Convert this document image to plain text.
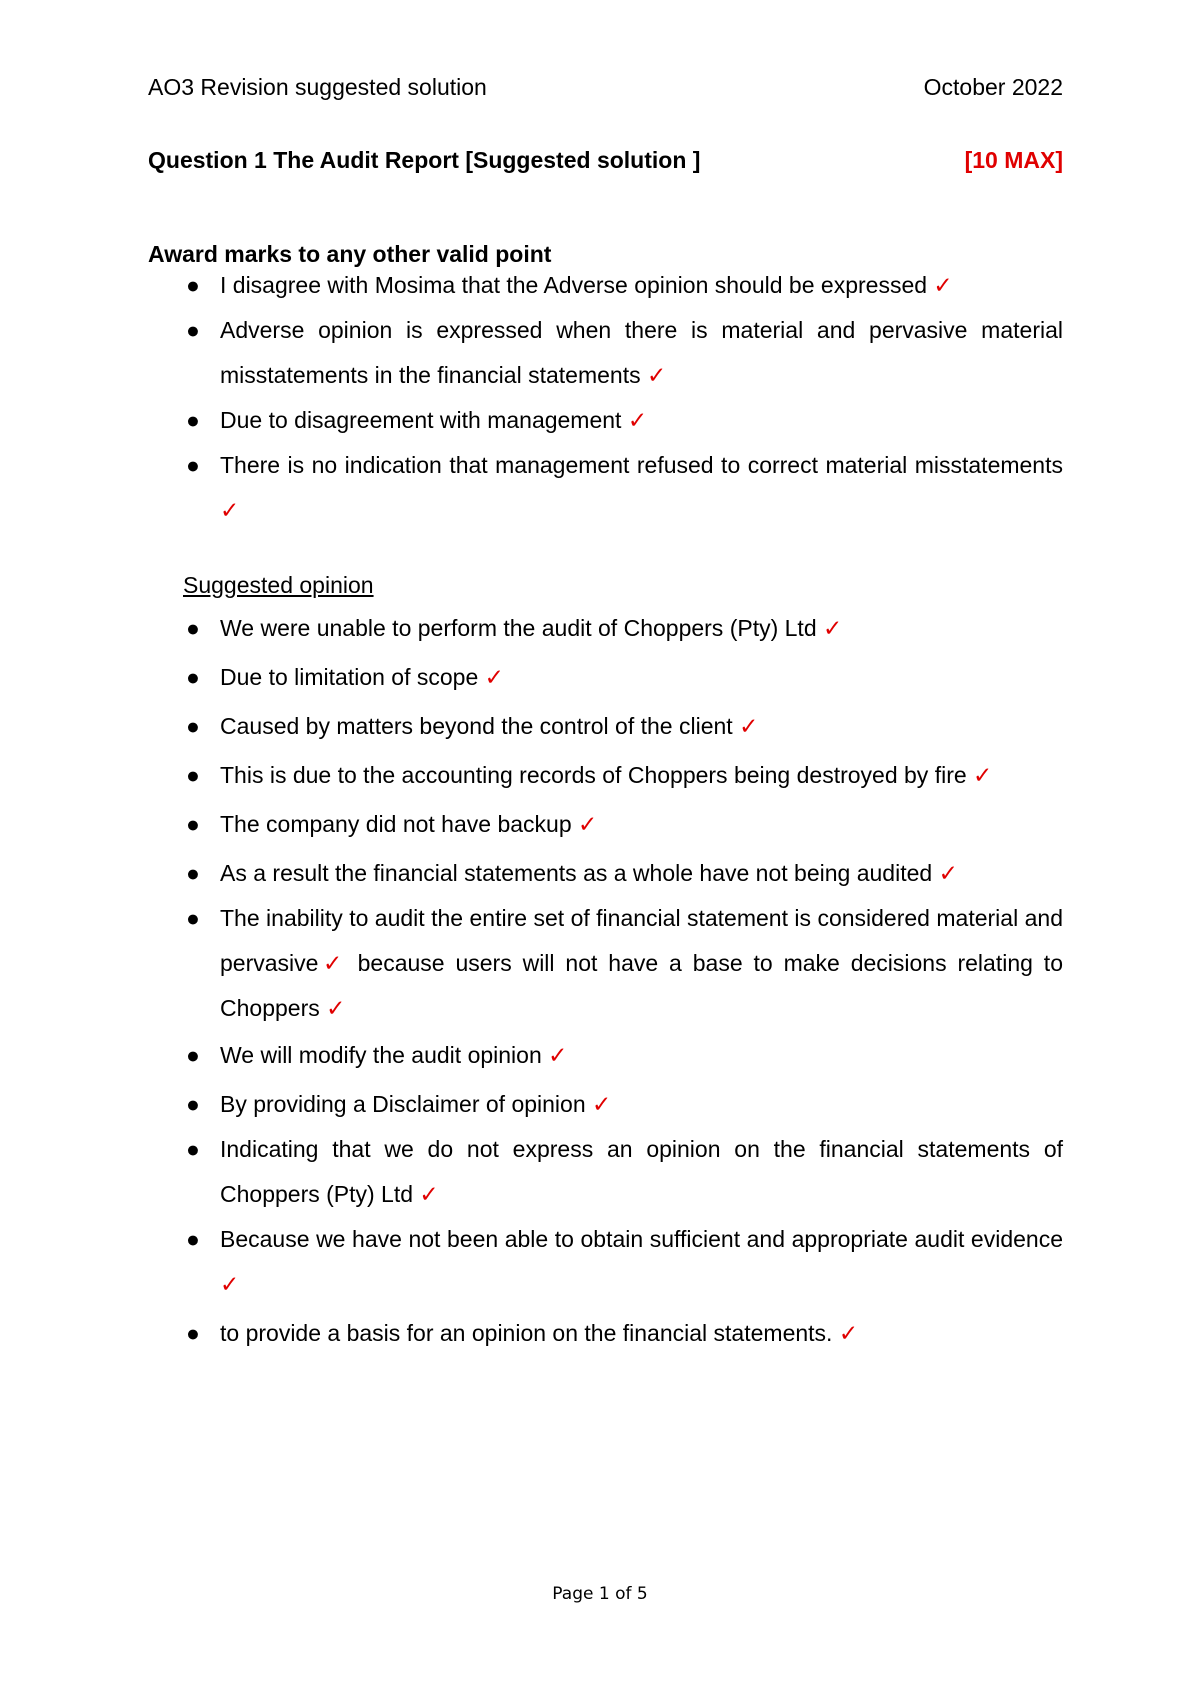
AO3 Revision suggested solution	October 2022
Question 1 The Audit Report [Suggested solution ]	[10 MAX]
Award marks to any other valid point
● I disagree with Mosima that the Adverse opinion should be expressed ✓
● Adverse opinion is expressed when there is material and pervasive material misstatements in the financial statements ✓
● Due to disagreement with management ✓
● There is no indication that management refused to correct material misstatements ✓
Suggested opinion
● We were unable to perform the audit of Choppers (Pty) Ltd ✓
● Due to limitation of scope ✓
● Caused by matters beyond the control of the client ✓
● This is due to the accounting records of Choppers being destroyed by fire ✓
● The company did not have backup ✓
● As a result the financial statements as a whole have not being audited ✓
● The inability to audit the entire set of financial statement is considered material and pervasive✓ because users will not have a base to make decisions relating to Choppers ✓
● We will modify the audit opinion ✓
● By providing a Disclaimer of opinion ✓
● Indicating that we do not express an opinion on the financial statements of Choppers (Pty) Ltd ✓
● Because we have not been able to obtain sufficient and appropriate audit evidence ✓
● to provide a basis for an opinion on the financial statements. ✓
Page 1 of 5
